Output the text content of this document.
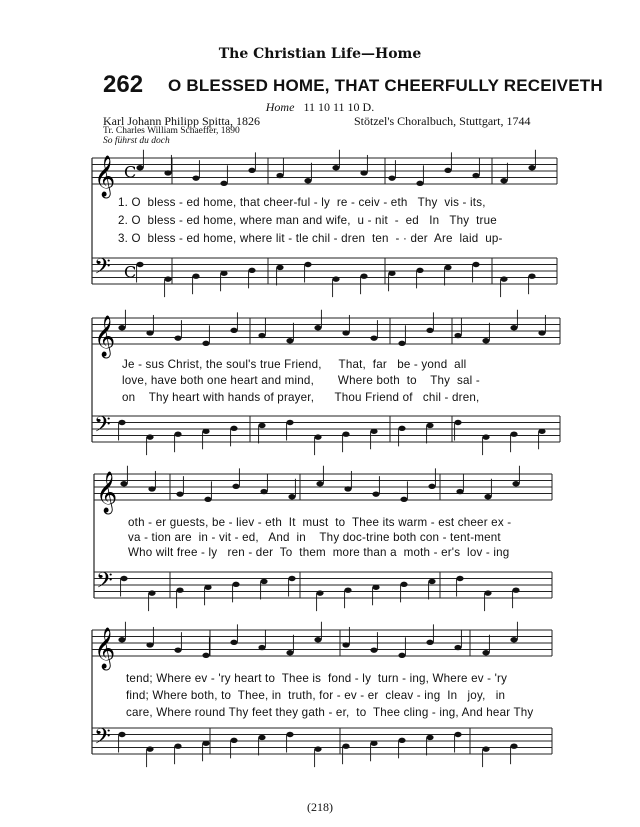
The Christian Life—Home
262 O BLESSED HOME, THAT CHEERFULLY RECEIVETH
Home 11 10 11 10 D.
Karl Johann Philipp Spitta, 1826
Tr. Charles William Schaeffer, 1890
So führst du doch
Stötzel's Choralbuch, Stuttgart, 1744
𝄞
𝄢
C
C
𝄞
𝄢
𝄞
𝄢
𝄞
𝄢
1. O  bless - ed home, that cheer-ful - ly  re - ceiv - eth   Thy  vis - its,
2. O  bless - ed home, where man and wife,  u - nit  -  ed   In   Thy  true
3. O  bless - ed home, where lit - tle chil - dren  ten  - · der  Are  laid  up-
Je - sus Christ, the soul's true Friend,     That,  far   be - yond  all
love, have both one heart and mind,       Where both  to    Thy  sal -
on    Thy heart with hands of prayer,      Thou Friend of   chil - dren,
oth - er guests, be - liev - eth  It  must  to  Thee its warm - est cheer ex -
va - tion are  in - vit - ed,   And  in    Thy doc-trine both con - tent-ment
Who wilt free - ly   ren - der  To  them  more than a  moth - er's  lov - ing
tend; Where ev - 'ry heart to  Thee is  fond - ly  turn - ing, Where ev - 'ry
find; Where both, to  Thee, in  truth, for - ev - er  cleav - ing  In   joy,   in
care, Where round Thy feet they gath - er,  to  Thee cling - ing, And hear Thy
(218)
